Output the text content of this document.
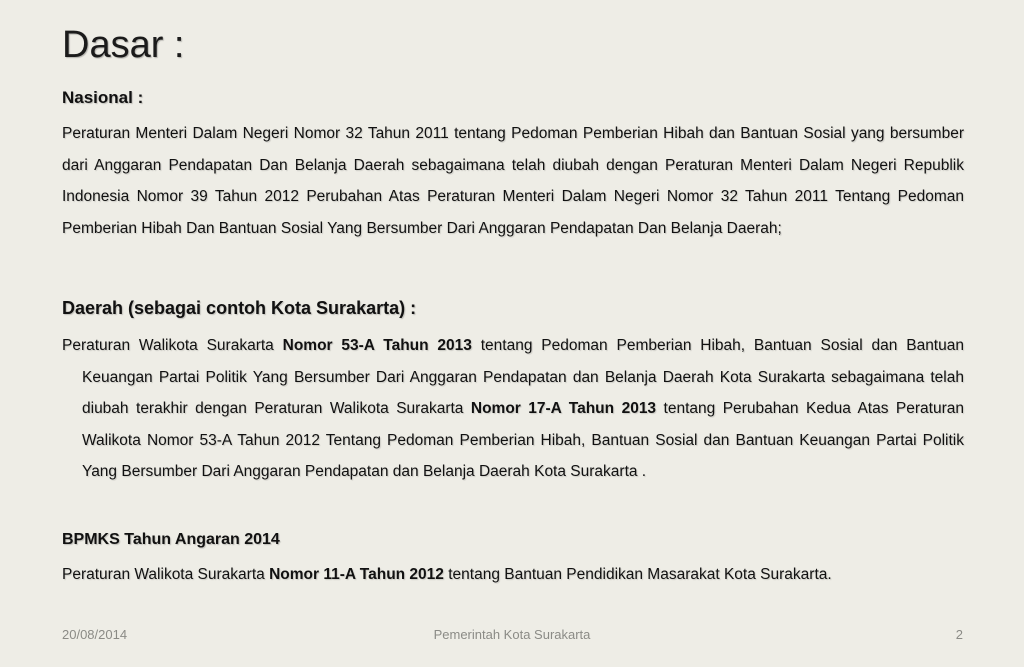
Dasar :
Nasional :
Peraturan Menteri Dalam Negeri Nomor 32 Tahun 2011 tentang Pedoman Pemberian Hibah dan Bantuan Sosial yang bersumber dari Anggaran Pendapatan Dan Belanja Daerah sebagaimana telah diubah dengan Peraturan Menteri Dalam Negeri Republik Indonesia Nomor 39 Tahun 2012 Perubahan Atas Peraturan Menteri Dalam Negeri Nomor 32 Tahun 2011 Tentang Pedoman Pemberian Hibah Dan Bantuan Sosial Yang Bersumber Dari Anggaran Pendapatan Dan Belanja Daerah;
Daerah (sebagai contoh Kota Surakarta) :
Peraturan Walikota Surakarta Nomor 53-A Tahun 2013 tentang Pedoman Pemberian Hibah, Bantuan Sosial dan Bantuan Keuangan Partai Politik Yang Bersumber Dari Anggaran Pendapatan dan Belanja Daerah Kota Surakarta sebagaimana telah diubah terakhir dengan Peraturan Walikota Surakarta Nomor 17-A Tahun 2013 tentang Perubahan Kedua Atas Peraturan Walikota Nomor 53-A Tahun 2012 Tentang Pedoman Pemberian Hibah, Bantuan Sosial dan Bantuan Keuangan Partai Politik Yang Bersumber Dari Anggaran Pendapatan dan Belanja Daerah Kota Surakarta .
BPMKS Tahun Angaran 2014
Peraturan Walikota Surakarta Nomor 11-A Tahun 2012 tentang Bantuan Pendidikan Masarakat Kota Surakarta.
20/08/2014	Pemerintah Kota Surakarta	2
